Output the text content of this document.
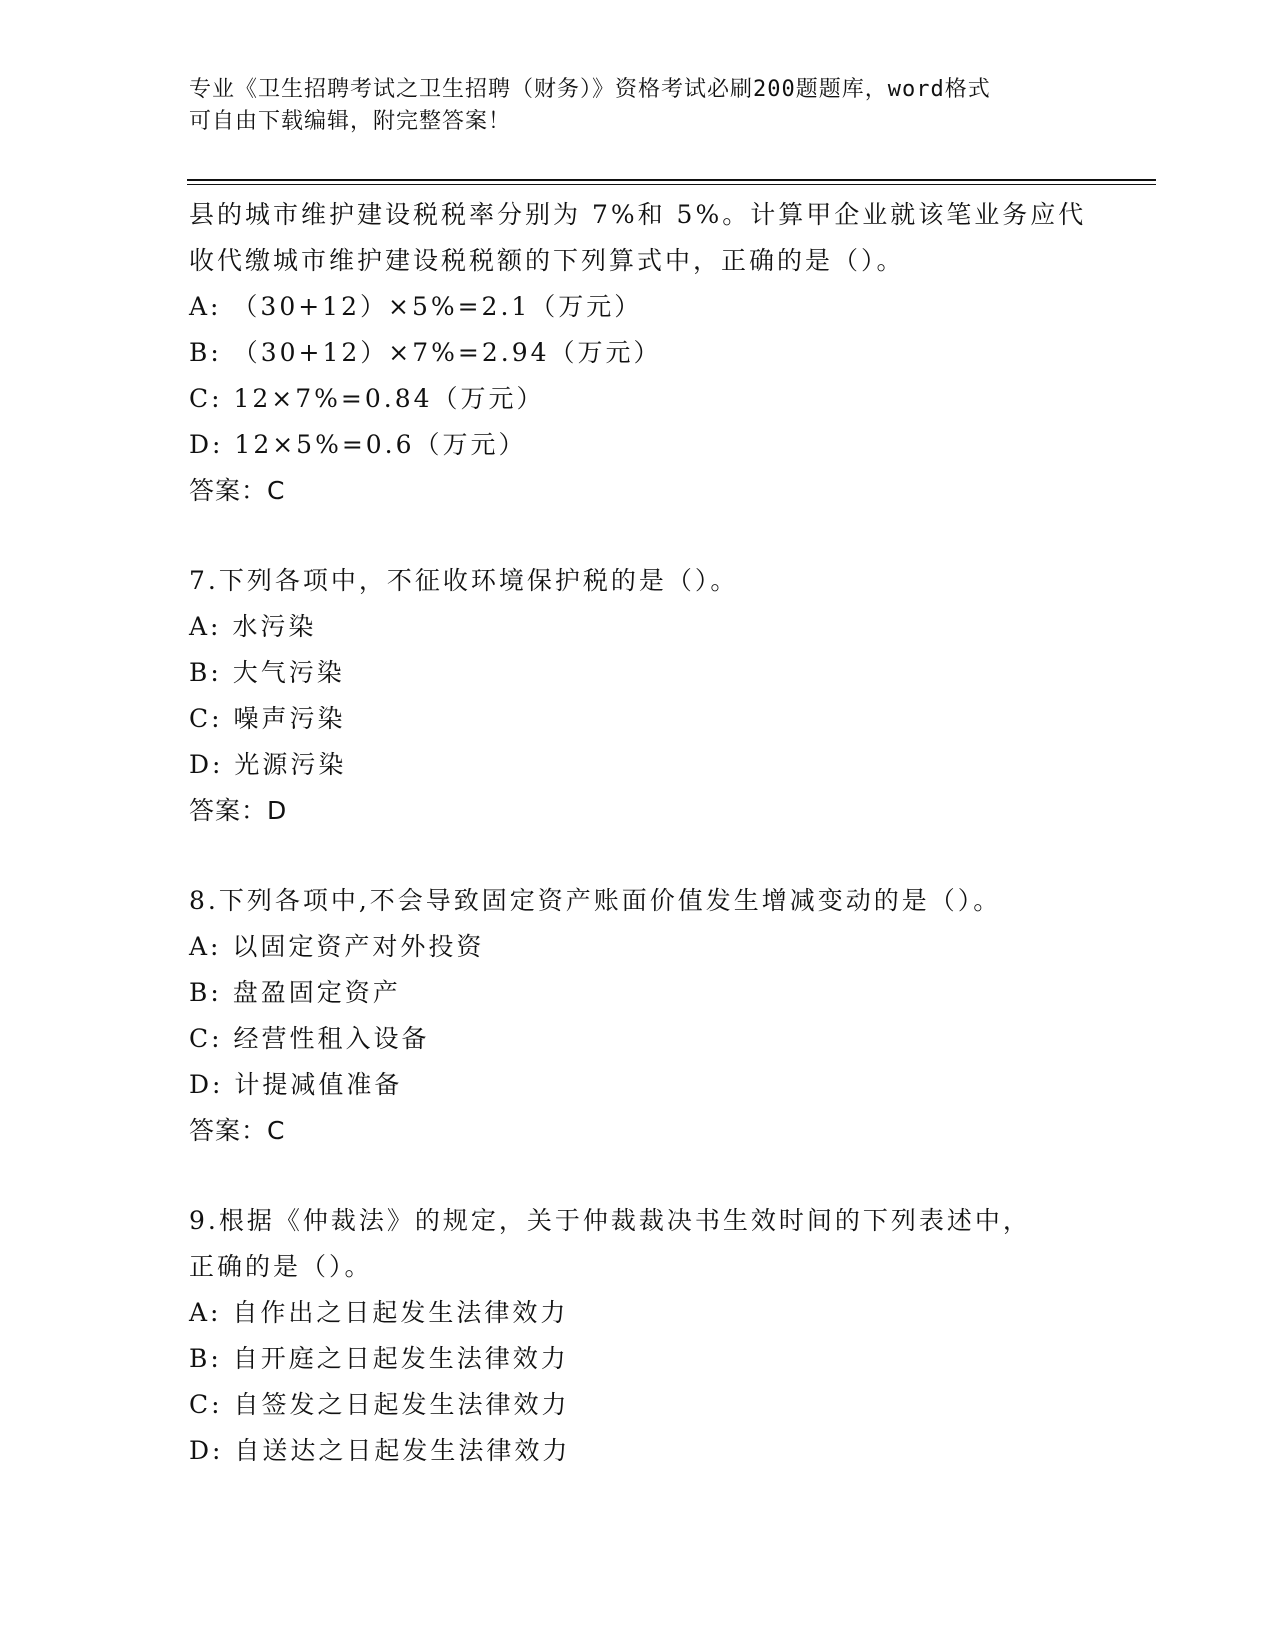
专业《卫生招聘考试之卫生招聘（财务）》资格考试必刷200题题库，word格式
可自由下载编辑，附完整答案！
县的城市维护建设税税率分别为 7%和 5%。计算甲企业就该笔业务应代
收代缴城市维护建设税税额的下列算式中，正确的是（）。
A: （30+12）×5%=2.1（万元）
B: （30+12）×7%=2.94（万元）
C: 12×7%=0.84（万元）
D: 12×5%=0.6（万元）
答案：C
7.下列各项中，不征收环境保护税的是（）。
A: 水污染
B: 大气污染
C: 噪声污染
D: 光源污染
答案：D
8.下列各项中,不会导致固定资产账面价值发生增减变动的是（）。
A: 以固定资产对外投资
B: 盘盈固定资产
C: 经营性租入设备
D: 计提减值准备
答案：C
9.根据《仲裁法》的规定，关于仲裁裁决书生效时间的下列表述中，
正确的是（）。
A: 自作出之日起发生法律效力
B: 自开庭之日起发生法律效力
C: 自签发之日起发生法律效力
D: 自送达之日起发生法律效力
